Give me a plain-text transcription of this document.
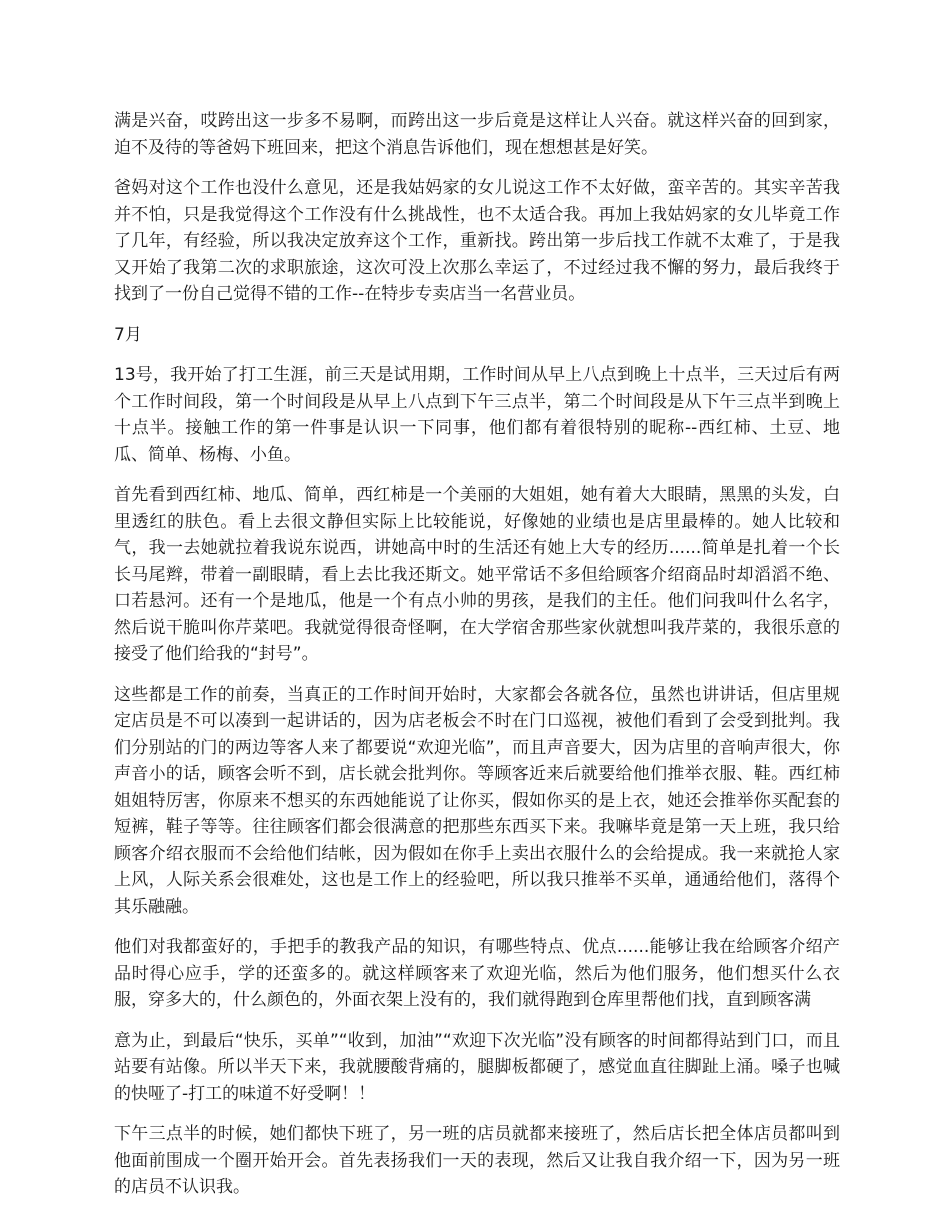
满是兴奋，哎跨出这一步多不易啊，而跨出这一步后竟是这样让人兴奋。就这样兴奋的回到家，迫不及待的等爸妈下班回来，把这个消息告诉他们，现在想想甚是好笑。

爸妈对这个工作也没什么意见，还是我姑妈家的女儿说这工作不太好做，蛮辛苦的。其实辛苦我并不怕，只是我觉得这个工作没有什么挑战性，也不太适合我。再加上我姑妈家的女儿毕竟工作了几年，有经验，所以我决定放弃这个工作，重新找。跨出第一步后找工作就不太难了，于是我又开始了我第二次的求职旅途，这次可没上次那么幸运了，不过经过我不懈的努力，最后我终于找到了一份自己觉得不错的工作--在特步专卖店当一名营业员。

7月

13号，我开始了打工生涯，前三天是试用期，工作时间从早上八点到晚上十点半，三天过后有两个工作时间段，第一个时间段是从早上八点到下午三点半，第二个时间段是从下午三点半到晚上十点半。接触工作的第一件事是认识一下同事，他们都有着很特别的昵称--西红柿、土豆、地瓜、简单、杨梅、小鱼。

首先看到西红柿、地瓜、简单，西红柿是一个美丽的大姐姐，她有着大大眼睛，黑黑的头发，白里透红的肤色。看上去很文静但实际上比较能说，好像她的业绩也是店里最棒的。她人比较和气，我一去她就拉着我说东说西，讲她高中时的生活还有她上大专的经历......简单是扎着一个长长马尾辫，带着一副眼睛，看上去比我还斯文。她平常话不多但给顾客介绍商品时却滔滔不绝、口若悬河。还有一个是地瓜，他是一个有点小帅的男孩，是我们的主任。他们问我叫什么名字，然后说干脆叫你芹菜吧。我就觉得很奇怪啊，在大学宿舍那些家伙就想叫我芹菜的，我很乐意的接受了他们给我的“封号”。

这些都是工作的前奏，当真正的工作时间开始时，大家都会各就各位，虽然也讲讲话，但店里规定店员是不可以凑到一起讲话的，因为店老板会不时在门口巡视，被他们看到了会受到批判。我们分别站的门的两边等客人来了都要说“欢迎光临”，而且声音要大，因为店里的音响声很大，你声音小的话，顾客会听不到，店长就会批判你。等顾客近来后就要给他们推举衣服、鞋。西红柿姐姐特厉害，你原来不想买的东西她能说了让你买，假如你买的是上衣，她还会推举你买配套的短裤，鞋子等等。往往顾客们都会很满意的把那些东西买下来。我嘛毕竟是第一天上班，我只给顾客介绍衣服而不会给他们结帐，因为假如在你手上卖出衣服什么的会给提成。我一来就抢人家上风，人际关系会很难处，这也是工作上的经验吧，所以我只推举不买单，通通给他们，落得个其乐融融。

他们对我都蛮好的，手把手的教我产品的知识，有哪些特点、优点......能够让我在给顾客介绍产品时得心应手，学的还蛮多的。就这样顾客来了欢迎光临，然后为他们服务，他们想买什么衣服，穿多大的，什么颜色的，外面衣架上没有的，我们就得跑到仓库里帮他们找，直到顾客满

意为止，到最后“快乐，买单”“收到，加油”“欢迎下次光临”没有顾客的时间都得站到门口，而且站要有站像。所以半天下来，我就腰酸背痛的，腿脚板都硬了，感觉血直往脚趾上涌。嗓子也喊的快哑了-打工的味道不好受啊！！

下午三点半的时候，她们都快下班了，另一班的店员就都来接班了，然后店长把全体店员都叫到他面前围成一个圈开始开会。首先表扬我们一天的表现，然后又让我自我介绍一下，因为另一班的店员不认识我。
